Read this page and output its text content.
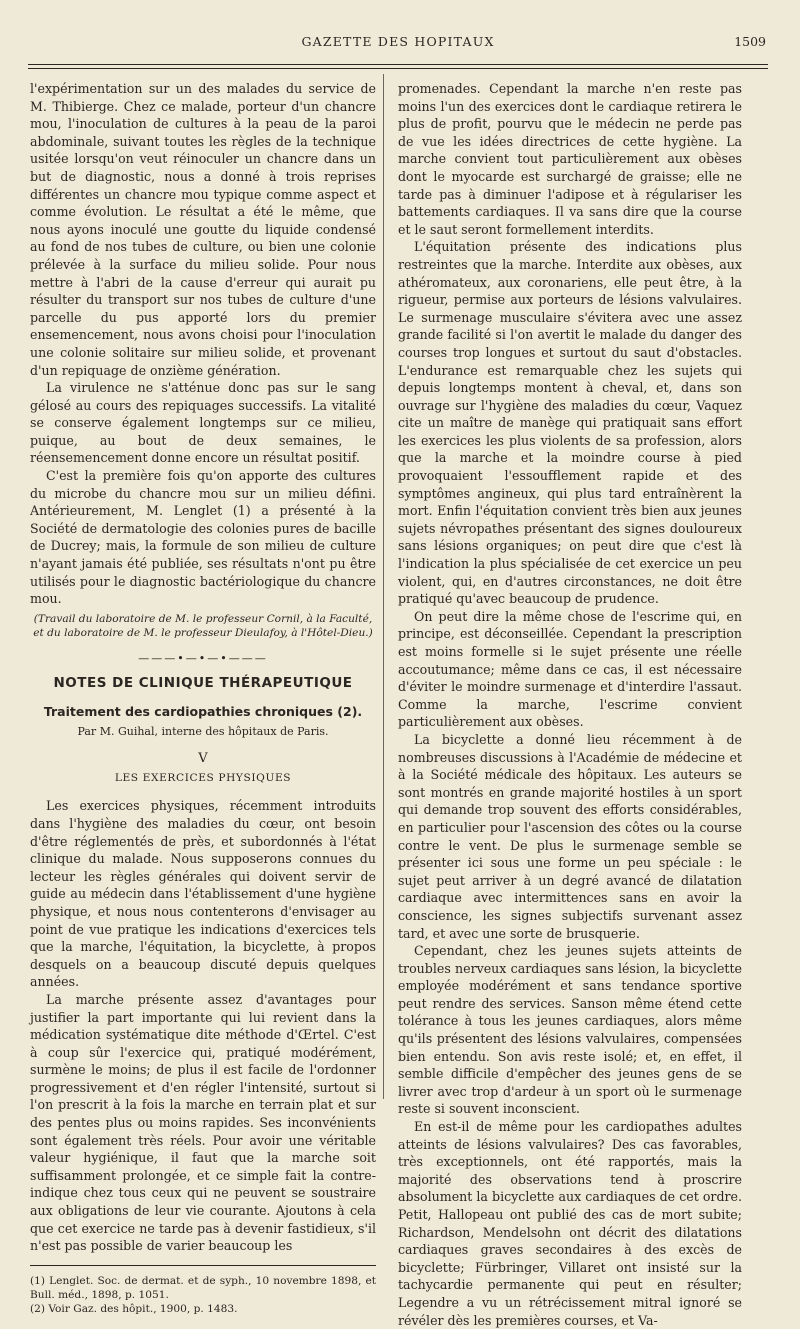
GAZETTE DES HOPITAUX	1509

l'expérimentation sur un des malades du service de M. Thibierge. Chez ce malade, porteur d'un chancre mou, l'inoculation de cultures à la peau de la paroi abdominale, suivant toutes les règles de la technique usitée lorsqu'on veut réinoculer un chancre dans un but de diagnostic, nous a donné à trois reprises différentes un chancre mou typique comme aspect et comme évolution. Le résultat a été le même, que nous ayons inoculé une goutte du liquide condensé au fond de nos tubes de culture, ou bien une colonie prélevée à la surface du milieu solide. Pour nous mettre à l'abri de la cause d'erreur qui aurait pu résulter du transport sur nos tubes de culture d'une parcelle du pus apporté lors du premier ensemencement, nous avons choisi pour l'inoculation une colonie solitaire sur milieu solide, et provenant d'un repiquage de onzième génération.

La virulence ne s'atténue donc pas sur le sang gélosé au cours des repiquages successifs. La vitalité se conserve également longtemps sur ce milieu, puique, au bout de deux semaines, le réensemencement donne encore un résultat positif.

C'est la première fois qu'on apporte des cultures du microbe du chancre mou sur un milieu défini. Antérieurement, M. Lenglet (1) a présenté à la Société de dermatologie des colonies pures de bacille de Ducrey; mais, la formule de son milieu de culture n'ayant jamais été publiée, ses résultats n'ont pu être utilisés pour le diagnostic bactériologique du chancre mou.

(Travail du laboratoire de M. le professeur Cornil, à la Faculté,
et du laboratoire de M. le professeur Dieulafoy, à l'Hôtel-Dieu.)
———•—•—•———
NOTES DE CLINIQUE THÉRAPEUTIQUE
Traitement des cardiopathies chroniques (2).
Par M. Guihal, interne des hôpitaux de Paris.
V
LES EXERCICES PHYSIQUES

Les exercices physiques, récemment introduits dans l'hygiène des maladies du cœur, ont besoin d'être réglementés de près, et subordonnés à l'état clinique du malade. Nous supposerons connues du lecteur les règles générales qui doivent servir de guide au médecin dans l'établissement d'une hygiène physique, et nous nous contenterons d'envisager au point de vue pratique les indications d'exercices tels que la marche, l'équitation, la bicyclette, à propos desquels on a beaucoup discuté depuis quelques années.

La marche présente assez d'avantages pour justifier la part importante qui lui revient dans la médication systématique dite méthode d'Œrtel. C'est à coup sûr l'exercice qui, pratiqué modérément, surmène le moins; de plus il est facile de l'ordonner progressivement et d'en régler l'intensité, surtout si l'on prescrit à la fois la marche en terrain plat et sur des pentes plus ou moins rapides. Ses inconvénients sont également très réels. Pour avoir une véritable valeur hygiénique, il faut que la marche soit suffisamment prolongée, et ce simple fait la contre-indique chez tous ceux qui ne peuvent se soustraire aux obligations de leur vie courante. Ajoutons à cela que cet exercice ne tarde pas à devenir fastidieux, s'il n'est pas possible de varier beaucoup les

(1) Lenglet. Soc. de dermat. et de syph., 10 novembre 1898, et Bull. méd., 1898, p. 1051.

(2) Voir Gaz. des hôpit., 1900, p. 1483.

promenades. Cependant la marche n'en reste pas moins l'un des exercices dont le cardiaque retirera le plus de profit, pourvu que le médecin ne perde pas de vue les idées directrices de cette hygiène. La marche convient tout particulièrement aux obèses dont le myocarde est surchargé de graisse; elle ne tarde pas à diminuer l'adipose et à régulariser les battements cardiaques. Il va sans dire que la course et le saut seront formellement interdits.

L'équitation présente des indications plus restreintes que la marche. Interdite aux obèses, aux athéromateux, aux coronariens, elle peut être, à la rigueur, permise aux porteurs de lésions valvulaires. Le surmenage musculaire s'évitera avec une assez grande facilité si l'on avertit le malade du danger des courses trop longues et surtout du saut d'obstacles. L'endurance est remarquable chez les sujets qui depuis longtemps montent à cheval, et, dans son ouvrage sur l'hygiène des maladies du cœur, Vaquez cite un maître de manège qui pratiquait sans effort les exercices les plus violents de sa profession, alors que la marche et la moindre course à pied provoquaient l'essoufflement rapide et des symptômes angineux, qui plus tard entraînèrent la mort. Enfin l'équitation convient très bien aux jeunes sujets névropathes présentant des signes douloureux sans lésions organiques; on peut dire que c'est là l'indication la plus spécialisée de cet exercice un peu violent, qui, en d'autres circonstances, ne doit être pratiqué qu'avec beaucoup de prudence.

On peut dire la même chose de l'escrime qui, en principe, est déconseillée. Cependant la prescription est moins formelle si le sujet présente une réelle accoutumance; même dans ce cas, il est nécessaire d'éviter le moindre surmenage et d'interdire l'assaut. Comme la marche, l'escrime convient particulièrement aux obèses.

La bicyclette a donné lieu récemment à de nombreuses discussions à l'Académie de médecine et à la Société médicale des hôpitaux. Les auteurs se sont montrés en grande majorité hostiles à un sport qui demande trop souvent des efforts considérables, en particulier pour l'ascension des côtes ou la course contre le vent. De plus le surmenage semble se présenter ici sous une forme un peu spéciale : le sujet peut arriver à un degré avancé de dilatation cardiaque avec intermittences sans en avoir la conscience, les signes subjectifs survenant assez tard, et avec une sorte de brusquerie.

Cependant, chez les jeunes sujets atteints de troubles nerveux cardiaques sans lésion, la bicyclette employée modérément et sans tendance sportive peut rendre des services. Sanson même étend cette tolérance à tous les jeunes cardiaques, alors même qu'ils présentent des lésions valvulaires, compensées bien entendu. Son avis reste isolé; et, en effet, il semble difficile d'empêcher des jeunes gens de se livrer avec trop d'ardeur à un sport où le surmenage reste si souvent inconscient.

En est-il de même pour les cardiopathes adultes atteints de lésions valvulaires? Des cas favorables, très exceptionnels, ont été rapportés, mais la majorité des observations tend à proscrire absolument la bicyclette aux cardiaques de cet ordre. Petit, Hallopeau ont publié des cas de mort subite; Richardson, Mendelsohn ont décrit des dilatations cardiaques graves secondaires à des excès de bicyclette; Fürbringer, Villaret ont insisté sur la tachycardie permanente qui peut en résulter; Legendre a vu un rétrécissement mitral ignoré se révéler dès les premières courses, et Va-
